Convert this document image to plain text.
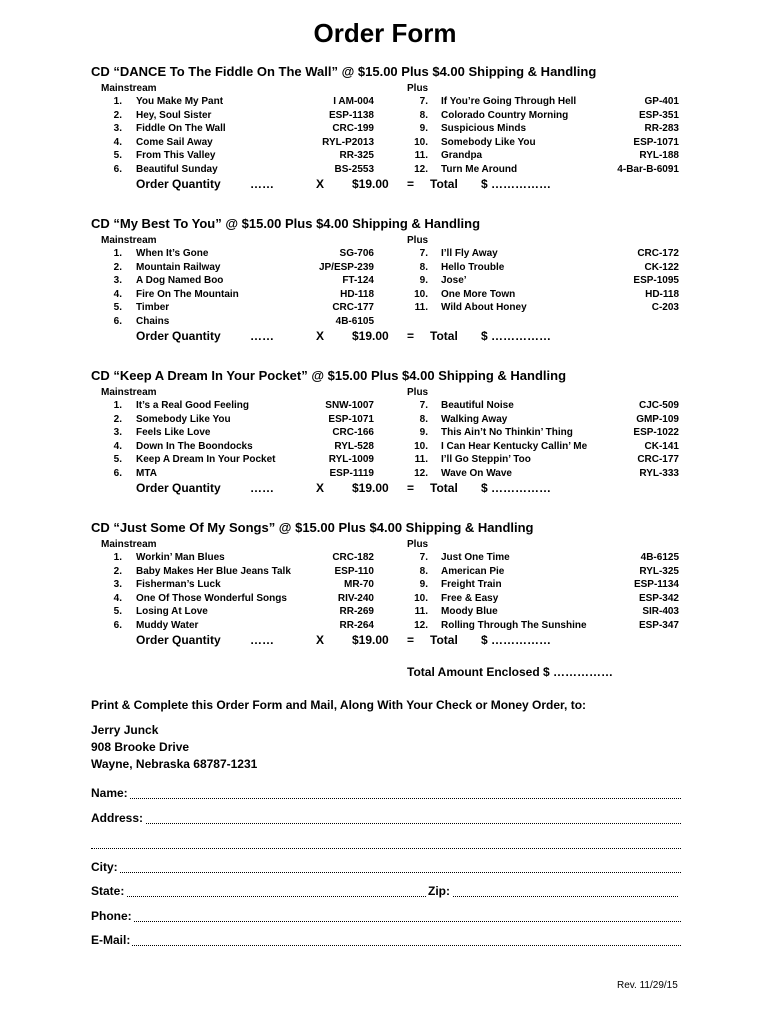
Order Form
CD “DANCE To The Fiddle On The Wall” @ $15.00 Plus $4.00 Shipping & Handling
Mainstream	Plus
1. You Make My Pant	I AM-004
2. Hey, Soul Sister	ESP-1138
3. Fiddle On The Wall	CRC-199
4. Come Sail Away	RYL-P2013
5. From This Valley	RR-325
6. Beautiful Sunday	BS-2553
7. If You’re Going Through Hell	GP-401
8. Colorado Country Morning	ESP-351
9. Suspicious Minds	RR-283
10. Somebody Like You	ESP-1071
11. Grandpa	RYL-188
12. Turn Me Around	4-Bar-B-6091
Order Quantity ……	X $19.00 = Total $ ……………
CD “My Best To You” @ $15.00 Plus $4.00 Shipping & Handling
Mainstream	Plus
1. When It’s Gone	SG-706
2. Mountain Railway	JP/ESP-239
3. A Dog Named Boo	FT-124
4. Fire On The Mountain	HD-118
5. Timber	CRC-177
6. Chains	4B-6105
7. I’ll Fly Away	CRC-172
8. Hello Trouble	CK-122
9. Jose’	ESP-1095
10. One More Town	HD-118
11. Wild About Honey	C-203
Order Quantity ……	X $19.00 = Total $ ……………
CD “Keep A Dream In Your Pocket” @ $15.00 Plus $4.00 Shipping & Handling
Mainstream	Plus
1. It’s a Real Good Feeling	SNW-1007
2. Somebody Like You	ESP-1071
3. Feels Like Love	CRC-166
4. Down In The Boondocks	RYL-528
5. Keep A Dream In Your Pocket	RYL-1009
6. MTA	ESP-1119
7. Beautiful Noise	CJC-509
8. Walking Away	GMP-109
9. This Ain’t No Thinkin’ Thing	ESP-1022
10. I Can Hear Kentucky Callin’ Me	CK-141
11. I’ll Go Steppin’ Too	CRC-177
12. Wave On Wave	RYL-333
Order Quantity ……	X $19.00 = Total $ ……………
CD “Just Some Of My Songs” @ $15.00 Plus $4.00 Shipping & Handling
Mainstream	Plus
1. Workin’ Man Blues	CRC-182
2. Baby Makes Her Blue Jeans Talk	ESP-110
3. Fisherman’s Luck	MR-70
4. One Of Those Wonderful Songs	RIV-240
5. Losing At Love	RR-269
6. Muddy Water	RR-264
7. Just One Time	4B-6125
8. American Pie	RYL-325
9. Freight Train	ESP-1134
10. Free & Easy	ESP-342
11. Moody Blue	SIR-403
12. Rolling Through The Sunshine	ESP-347
Order Quantity ……	X $19.00 = Total $ ……………
Total Amount Enclosed $ ……………
Print & Complete this Order Form and Mail, Along With Your Check or Money Order, to:
Jerry Junck
908 Brooke Drive
Wayne, Nebraska 68787-1231
Name:
Address:
City:
State:	Zip:
Phone:
E-Mail:
Rev. 11/29/15
